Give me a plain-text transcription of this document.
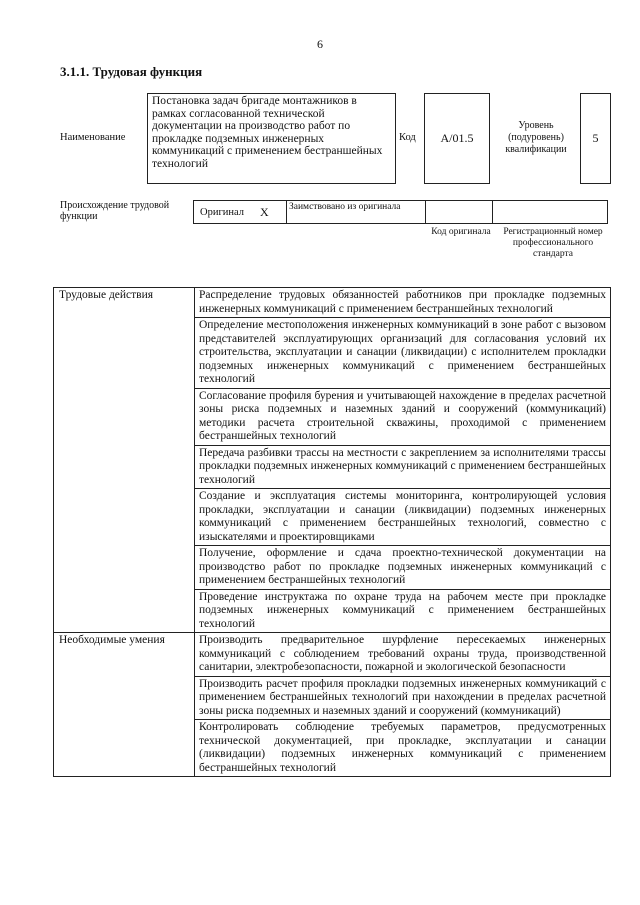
6
3.1.1. Трудовая функция
Наименование
Постановка задач бригаде монтажников в рамках согласованной технической документации на производство работ по прокладке подземных инженерных коммуникаций с применением бестраншейных технологий
Код A/01.5
Уровень (подуровень) квалификации
5
Происхождение трудовой функции	Оригинал X	Заимствовано из оригинала
Код оригинала	Регистрационный номер профессионального стандарта
Трудовые действия	Распределение трудовых обязанностей работников при прокладке подземных инженерных коммуникаций с применением бестраншейных технологий
	Определение местоположения инженерных коммуникаций в зоне работ с вызовом представителей эксплуатирующих организаций для согласования условий их строительства, эксплуатации и санации (ликвидации) с исполнителем прокладки подземных инженерных коммуникаций с применением бестраншейных технологий
	Согласование профиля бурения и учитывающей нахождение в пределах расчетной зоны риска подземных и наземных зданий и сооружений (коммуникаций) методики расчета строительной скважины, проходимой с применением бестраншейных технологий
	Передача разбивки трассы на местности с закреплением за исполнителями трассы прокладки подземных инженерных коммуникаций с применением бестраншейных технологий
	Создание и эксплуатация системы мониторинга, контролирующей условия прокладки, эксплуатации и санации (ликвидации) подземных инженерных коммуникаций с применением бестраншейных технологий, совместно с изыскателями и проектировщиками
	Получение, оформление и сдача проектно-технической документации на производство работ по прокладке подземных инженерных коммуникаций с применением бестраншейных технологий
	Проведение инструктажа по охране труда на рабочем месте при прокладке подземных инженерных коммуникаций с применением бестраншейных технологий
Необходимые умения	Производить предварительное шурфление пересекаемых инженерных коммуникаций с соблюдением требований охраны труда, производственной санитарии, электробезопасности, пожарной и экологической безопасности
	Производить расчет профиля прокладки подземных инженерных коммуникаций с применением бестраншейных технологий при нахождении в пределах расчетной зоны риска подземных и наземных зданий и сооружений (коммуникаций)
	Контролировать соблюдение требуемых параметров, предусмотренных технической документацией, при прокладке, эксплуатации и санации (ликвидации) подземных инженерных коммуникаций с применением бестраншейных технологий
